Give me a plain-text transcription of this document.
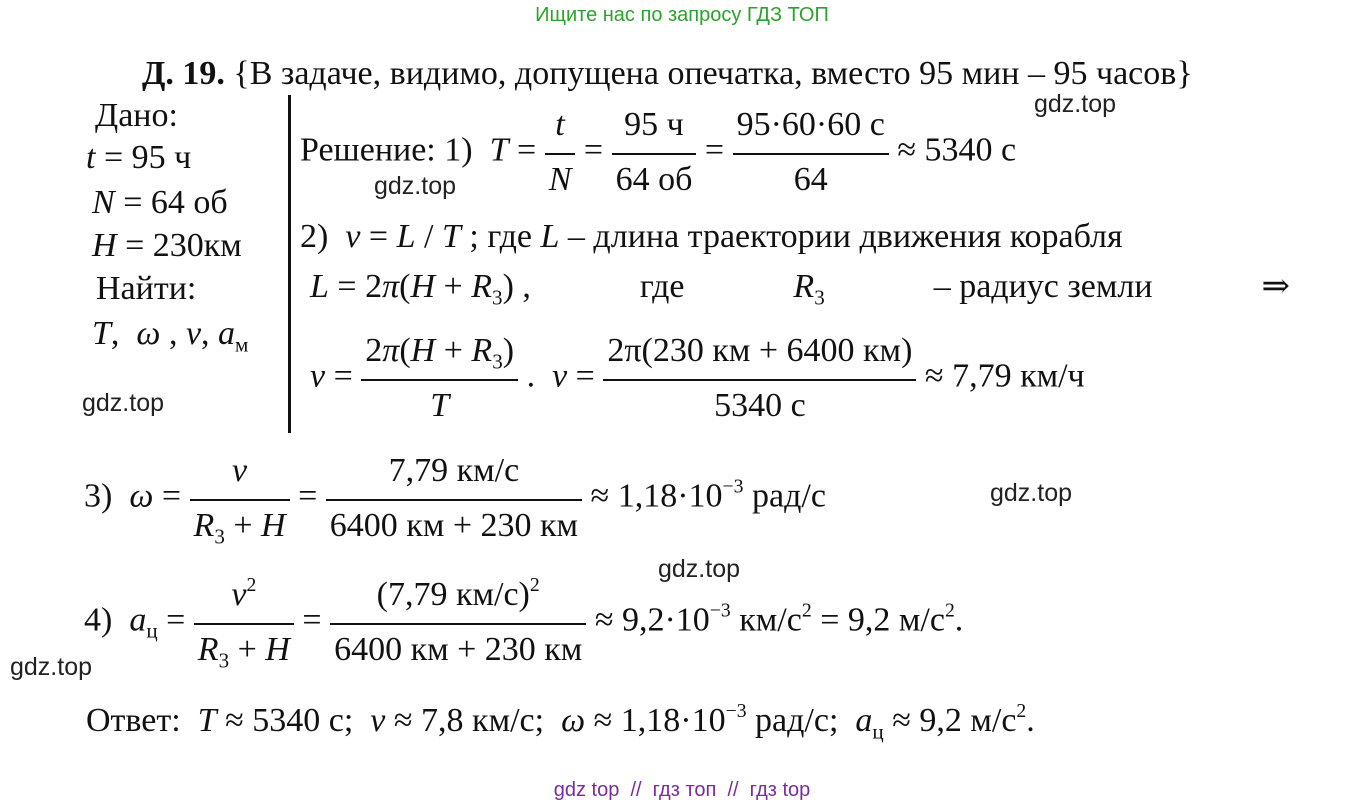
Ищите нас по запросу ГДЗ ТОП
Д. 19. {В задаче, видимо, допущена опечатка, вместо 95 мин – 95 часов}
Дано:
t = 95 ч
N = 64 об
H = 230км
Найти:
T,  ω , v, $a_м$
Решение: 1) $T = \frac{t}{N} = \frac{95 ч}{64 об} = \frac{95\cdot 60\cdot 60 с}{64} \approx 5340$ с
2) v = L / T ; где L – длина траектории движения корабля
$L = 2\pi(H + R_3)$ ,	где	$R_3$	– радиус земли	⇒
$v = \frac{2\pi(H + R_3)}{T}$ .  $v = \frac{2\pi(230 км + 6400 км)}{5340 с} \approx 7,79$ км/ч
3) $\omega = \frac{v}{R_3 + H} = \frac{7,79 км/с}{6400 км + 230 км} \approx 1,18\cdot 10^{-3}$ рад/с
4) $a_ц = \frac{v^2}{R_3 + H} = \frac{(7,79 км/с)^2}{6400 км + 230 км} \approx 9,2\cdot 10^{-3}$ $км/с^2 = 9,2$ $м/с^2$.
Ответ: T ≈ 5340 с; v ≈ 7,8 км/с; $\omega \approx 1,18\cdot 10^{-3}$ рад/с; $a_ц \approx 9,2$ $м/с^2$.
gdz.top
gdz.top
gdz.top
gdz.top
gdz.top
gdz.top
gdz top  //  гдз топ  //  гдз top
